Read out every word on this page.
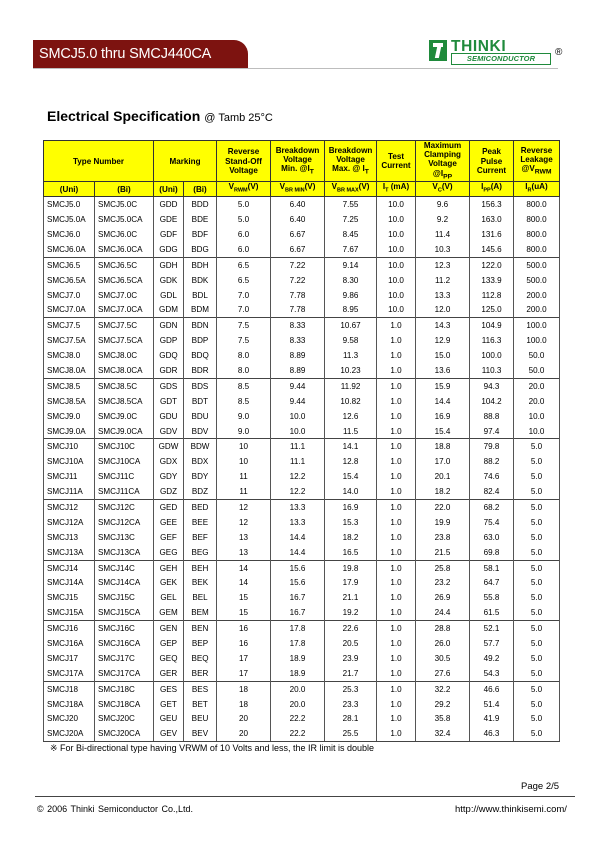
SMCJ5.0 thru SMCJ440CA	THINKI
SEMICONDUCTOR
®
Electrical Specification @ Tamb 25°C
Type Number		Marking		Reverse
Stand-Off
Voltage	Breakdown
Voltage
Min. $@I_T$	Breakdown
Voltage
Max. @ $I_T$	Test
Current	Maximum
Clamping
Voltage
$@I_{PP}$	Peak
Pulse
Current	Reverse
Leakage
$@V_{RWM}$
(Uni)	(Bi)	(Uni)	(Bi)	$V_{RWM}(V)$	$V_{BR MIN}(V)$	$V_{BR MAX}(V)$	$I_T$ (mA)	$V_C(V)$	$I_{PP}(A)$	$I_R(uA)$
SMCJ5.0	SMCJ5.0C	GDD	BDD	5.0	6.40	7.55	10.0	9.6	156.3	800.0
SMCJ5.0A	SMCJ5.0CA	GDE	BDE	5.0	6.40	7.25	10.0	9.2	163.0	800.0
SMCJ6.0	SMCJ6.0C	GDF	BDF	6.0	6.67	8.45	10.0	11.4	131.6	800.0
SMCJ6.0A	SMCJ6.0CA	GDG	BDG	6.0	6.67	7.67	10.0	10.3	145.6	800.0
SMCJ6.5	SMCJ6.5C	GDH	BDH	6.5	7.22	9.14	10.0	12.3	122.0	500.0
SMCJ6.5A	SMCJ6.5CA	GDK	BDK	6.5	7.22	8.30	10.0	11.2	133.9	500.0
SMCJ7.0	SMCJ7.0C	GDL	BDL	7.0	7.78	9.86	10.0	13.3	112.8	200.0
SMCJ7.0A	SMCJ7.0CA	GDM	BDM	7.0	7.78	8.95	10.0	12.0	125.0	200.0
SMCJ7.5	SMCJ7.5C	GDN	BDN	7.5	8.33	10.67	1.0	14.3	104.9	100.0
SMCJ7.5A	SMCJ7.5CA	GDP	BDP	7.5	8.33	9.58	1.0	12.9	116.3	100.0
SMCJ8.0	SMCJ8.0C	GDQ	BDQ	8.0	8.89	11.3	1.0	15.0	100.0	50.0
SMCJ8.0A	SMCJ8.0CA	GDR	BDR	8.0	8.89	10.23	1.0	13.6	110.3	50.0
SMCJ8.5	SMCJ8.5C	GDS	BDS	8.5	9.44	11.92	1.0	15.9	94.3	20.0
SMCJ8.5A	SMCJ8.5CA	GDT	BDT	8.5	9.44	10.82	1.0	14.4	104.2	20.0
SMCJ9.0	SMCJ9.0C	GDU	BDU	9.0	10.0	12.6	1.0	16.9	88.8	10.0
SMCJ9.0A	SMCJ9.0CA	GDV	BDV	9.0	10.0	11.5	1.0	15.4	97.4	10.0
SMCJ10	SMCJ10C	GDW	BDW	10	11.1	14.1	1.0	18.8	79.8	5.0
SMCJ10A	SMCJ10CA	GDX	BDX	10	11.1	12.8	1.0	17.0	88.2	5.0
SMCJ11	SMCJ11C	GDY	BDY	11	12.2	15.4	1.0	20.1	74.6	5.0
SMCJ11A	SMCJ11CA	GDZ	BDZ	11	12.2	14.0	1.0	18.2	82.4	5.0
SMCJ12	SMCJ12C	GED	BED	12	13.3	16.9	1.0	22.0	68.2	5.0
SMCJ12A	SMCJ12CA	GEE	BEE	12	13.3	15.3	1.0	19.9	75.4	5.0
SMCJ13	SMCJ13C	GEF	BEF	13	14.4	18.2	1.0	23.8	63.0	5.0
SMCJ13A	SMCJ13CA	GEG	BEG	13	14.4	16.5	1.0	21.5	69.8	5.0
SMCJ14	SMCJ14C	GEH	BEH	14	15.6	19.8	1.0	25.8	58.1	5.0
SMCJ14A	SMCJ14CA	GEK	BEK	14	15.6	17.9	1.0	23.2	64.7	5.0
SMCJ15	SMCJ15C	GEL	BEL	15	16.7	21.1	1.0	26.9	55.8	5.0
SMCJ15A	SMCJ15CA	GEM	BEM	15	16.7	19.2	1.0	24.4	61.5	5.0
SMCJ16	SMCJ16C	GEN	BEN	16	17.8	22.6	1.0	28.8	52.1	5.0
SMCJ16A	SMCJ16CA	GEP	BEP	16	17.8	20.5	1.0	26.0	57.7	5.0
SMCJ17	SMCJ17C	GEQ	BEQ	17	18.9	23.9	1.0	30.5	49.2	5.0
SMCJ17A	SMCJ17CA	GER	BER	17	18.9	21.7	1.0	27.6	54.3	5.0
SMCJ18	SMCJ18C	GES	BES	18	20.0	25.3	1.0	32.2	46.6	5.0
SMCJ18A	SMCJ18CA	GET	BET	18	20.0	23.3	1.0	29.2	51.4	5.0
SMCJ20	SMCJ20C	GEU	BEU	20	22.2	28.1	1.0	35.8	41.9	5.0
SMCJ20A	SMCJ20CA	GEV	BEV	20	22.2	25.5	1.0	32.4	46.3	5.0
※ For Bi-directional type having VRWM of 10 Volts and less, the IR limit is double
Page 2/5
© 2006 Thinki Semiconductor Co.,Ltd.	http://www.thinkisemi.com/
